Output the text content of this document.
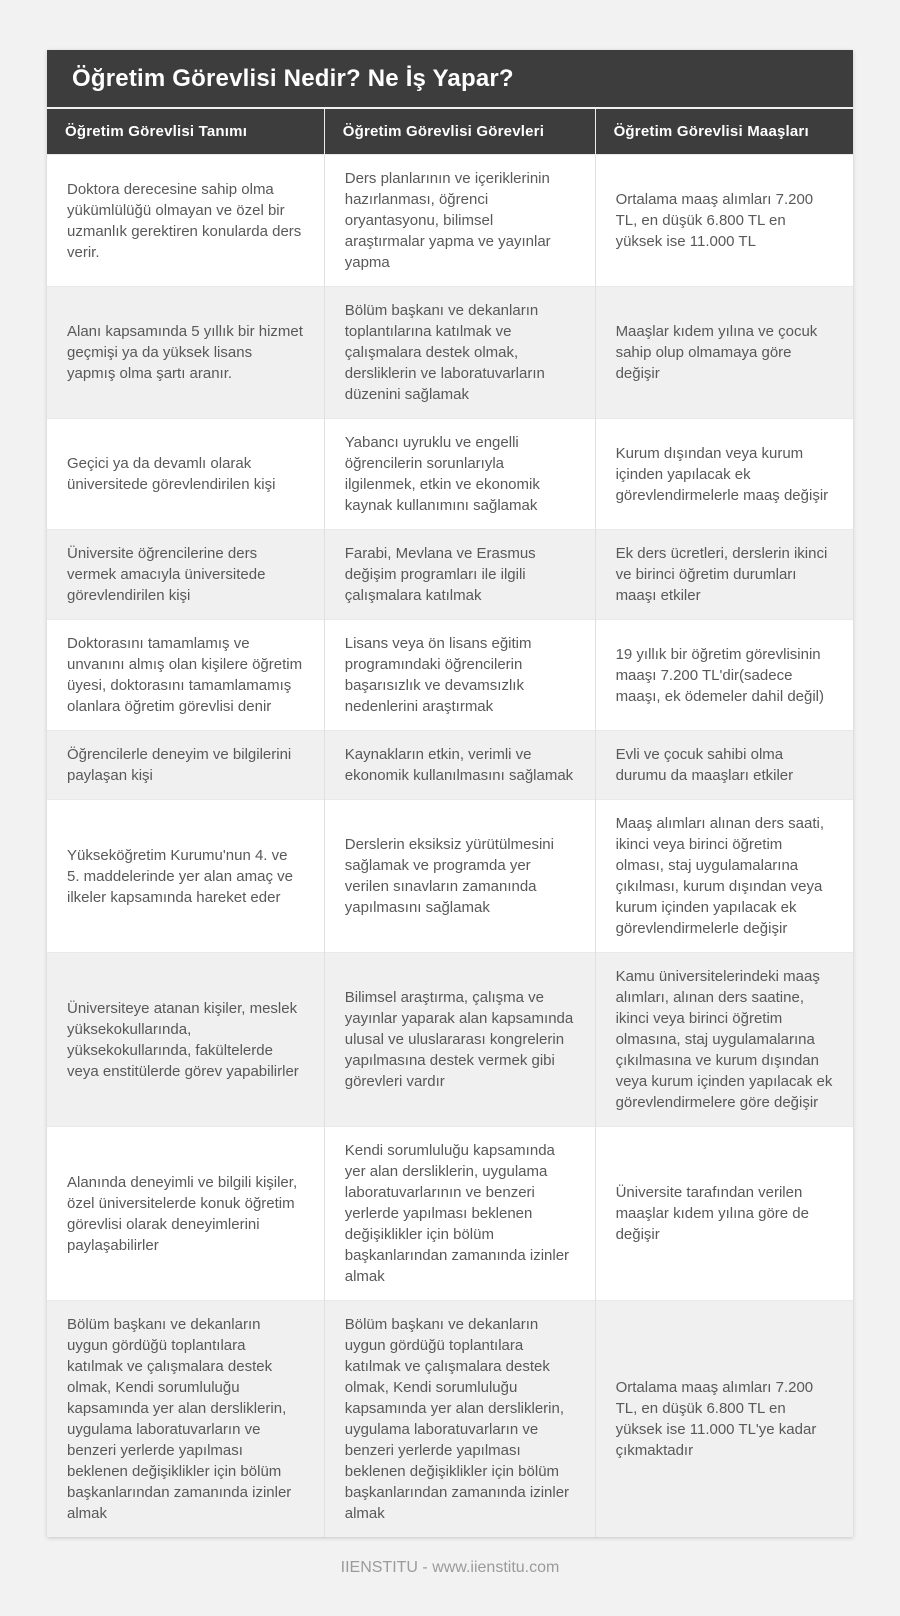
Öğretim Görevlisi Nedir? Ne İş Yapar?
Öğretim Görevlisi Tanımı	Öğretim Görevlisi Görevleri	Öğretim Görevlisi Maaşları
Doktora derecesine sahip olma yükümlülüğü olmayan ve özel bir uzmanlık gerektiren konularda ders verir.	Ders planlarının ve içeriklerinin hazırlanması, öğrenci oryantasyonu, bilimsel araştırmalar yapma ve yayınlar yapma	Ortalama maaş alımları 7.200 TL, en düşük 6.800 TL en yüksek ise 11.000 TL
Alanı kapsamında 5 yıllık bir hizmet geçmişi ya da yüksek lisans yapmış olma şartı aranır.	Bölüm başkanı ve dekanların toplantılarına katılmak ve çalışmalara destek olmak, dersliklerin ve laboratuvarların düzenini sağlamak	Maaşlar kıdem yılına ve çocuk sahip olup olmamaya göre değişir
Geçici ya da devamlı olarak üniversitede görevlendirilen kişi	Yabancı uyruklu ve engelli öğrencilerin sorunlarıyla ilgilenmek, etkin ve ekonomik kaynak kullanımını sağlamak	Kurum dışından veya kurum içinden yapılacak ek görevlendirmelerle maaş değişir
Üniversite öğrencilerine ders vermek amacıyla üniversitede görevlendirilen kişi	Farabi, Mevlana ve Erasmus değişim programları ile ilgili çalışmalara katılmak	Ek ders ücretleri, derslerin ikinci ve birinci öğretim durumları maaşı etkiler
Doktorasını tamamlamış ve unvanını almış olan kişilere öğretim üyesi, doktorasını tamamlamamış olanlara öğretim görevlisi denir	Lisans veya ön lisans eğitim programındaki öğrencilerin başarısızlık ve devamsızlık nedenlerini araştırmak	19 yıllık bir öğretim görevlisinin maaşı 7.200 TL'dir(sadece maaşı, ek ödemeler dahil değil)
Öğrencilerle deneyim ve bilgilerini paylaşan kişi	Kaynakların etkin, verimli ve ekonomik kullanılmasını sağlamak	Evli ve çocuk sahibi olma durumu da maaşları etkiler
Yükseköğretim Kurumu'nun 4. ve 5. maddelerinde yer alan amaç ve ilkeler kapsamında hareket eder	Derslerin eksiksiz yürütülmesini sağlamak ve programda yer verilen sınavların zamanında yapılmasını sağlamak	Maaş alımları alınan ders saati, ikinci veya birinci öğretim olması, staj uygulamalarına çıkılması, kurum dışından veya kurum içinden yapılacak ek görevlendirmelerle değişir
Üniversiteye atanan kişiler, meslek yüksekokullarında, yüksekokullarında, fakültelerde veya enstitülerde görev yapabilirler	Bilimsel araştırma, çalışma ve yayınlar yaparak alan kapsamında ulusal ve uluslararası kongrelerin yapılmasına destek vermek gibi görevleri vardır	Kamu üniversitelerindeki maaş alımları, alınan ders saatine, ikinci veya birinci öğretim olmasına, staj uygulamalarına çıkılmasına ve kurum dışından veya kurum içinden yapılacak ek görevlendirmelere göre değişir
Alanında deneyimli ve bilgili kişiler, özel üniversitelerde konuk öğretim görevlisi olarak deneyimlerini paylaşabilirler	Kendi sorumluluğu kapsamında yer alan dersliklerin, uygulama laboratuvarlarının ve benzeri yerlerde yapılması beklenen değişiklikler için bölüm başkanlarından zamanında izinler almak	Üniversite tarafından verilen maaşlar kıdem yılına göre de değişir
Bölüm başkanı ve dekanların uygun gördüğü toplantılara katılmak ve çalışmalara destek olmak, Kendi sorumluluğu kapsamında yer alan dersliklerin, uygulama laboratuvarların ve benzeri yerlerde yapılması beklenen değişiklikler için bölüm başkanlarından zamanında izinler almak	Bölüm başkanı ve dekanların uygun gördüğü toplantılara katılmak ve çalışmalara destek olmak, Kendi sorumluluğu kapsamında yer alan dersliklerin, uygulama laboratuvarların ve benzeri yerlerde yapılması beklenen değişiklikler için bölüm başkanlarından zamanında izinler almak	Ortalama maaş alımları 7.200 TL, en düşük 6.800 TL en yüksek ise 11.000 TL'ye kadar çıkmaktadır
IIENSTITU - www.iienstitu.com
